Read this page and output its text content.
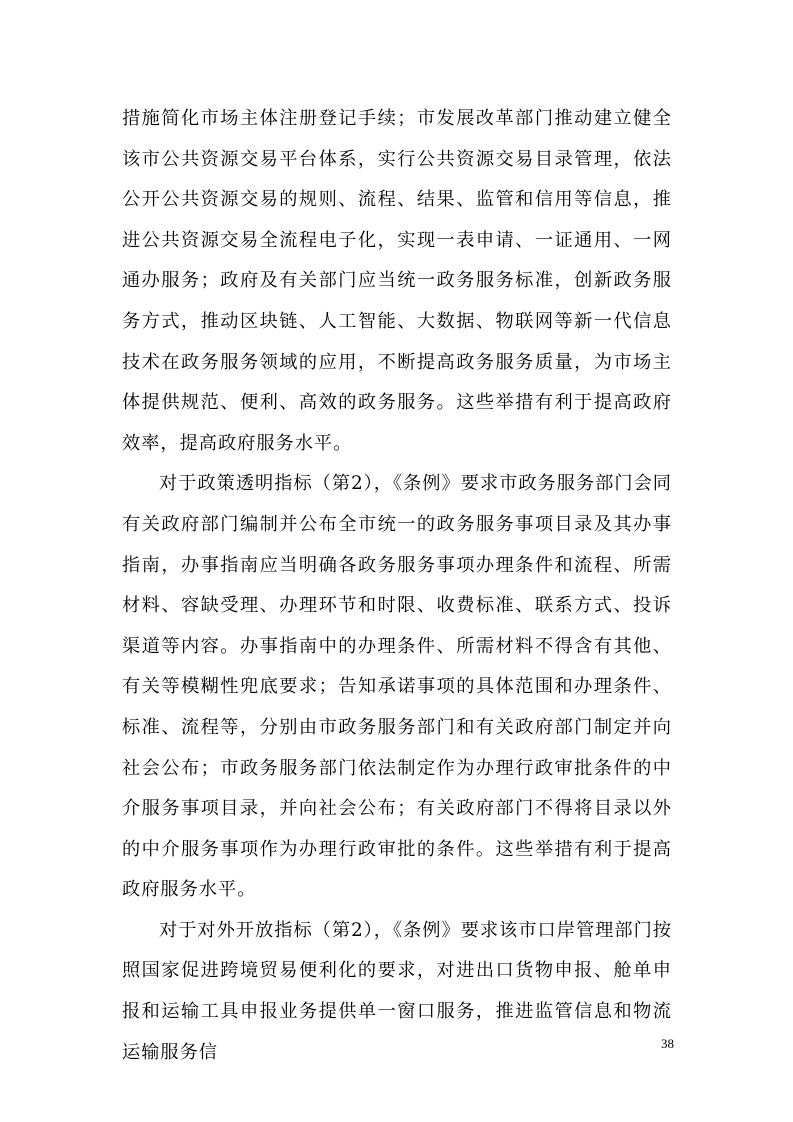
措施简化市场主体注册登记手续；市发展改革部门推动建立健全该市公共资源交易平台体系，实行公共资源交易目录管理，依法公开公共资源交易的规则、流程、结果、监管和信用等信息，推进公共资源交易全流程电子化，实现一表申请、一证通用、一网通办服务；政府及有关部门应当统一政务服务标准，创新政务服务方式，推动区块链、人工智能、大数据、物联网等新一代信息技术在政务服务领域的应用，不断提高政务服务质量，为市场主体提供规范、便利、高效的政务服务。这些举措有利于提高政府效率，提高政府服务水平。

对于政策透明指标（第2），《条例》要求市政务服务部门会同有关政府部门编制并公布全市统一的政务服务事项目录及其办事指南，办事指南应当明确各政务服务事项办理条件和流程、所需材料、容缺受理、办理环节和时限、收费标准、联系方式、投诉渠道等内容。办事指南中的办理条件、所需材料不得含有其他、有关等模糊性兜底要求；告知承诺事项的具体范围和办理条件、标准、流程等，分别由市政务服务部门和有关政府部门制定并向社会公布；市政务服务部门依法制定作为办理行政审批条件的中介服务事项目录，并向社会公布；有关政府部门不得将目录以外的中介服务事项作为办理行政审批的条件。这些举措有利于提高政府服务水平。

对于对外开放指标（第2），《条例》要求该市口岸管理部门按照国家促进跨境贸易便利化的要求，对进出口货物申报、舱单申报和运输工具申报业务提供单一窗口服务，推进监管信息和物流运输服务信	38
